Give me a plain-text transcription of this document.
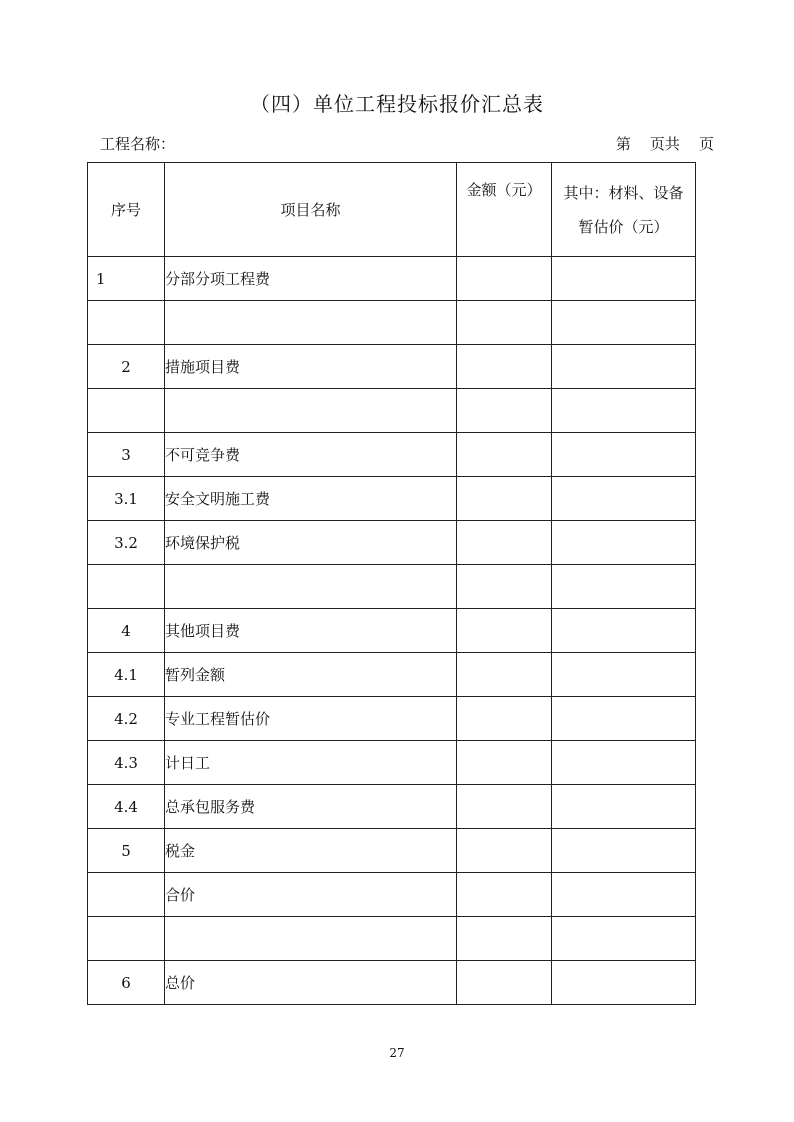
（四）单位工程投标报价汇总表
工程名称：	第    页共    页
序号	项目名称	金额（元）	其中：材料、设备
暂估价（元）

1	分部分项工程费		

2	措施项目费		

3	不可竞争费		
3.1	安全文明施工费		
3.2	环境保护税		

4	其他项目费		
4.1	暂列金额		
4.2	专业工程暂估价		
4.3	计日工		
4.4	总承包服务费		
5	税金		
	合价		

6	总价		
27
